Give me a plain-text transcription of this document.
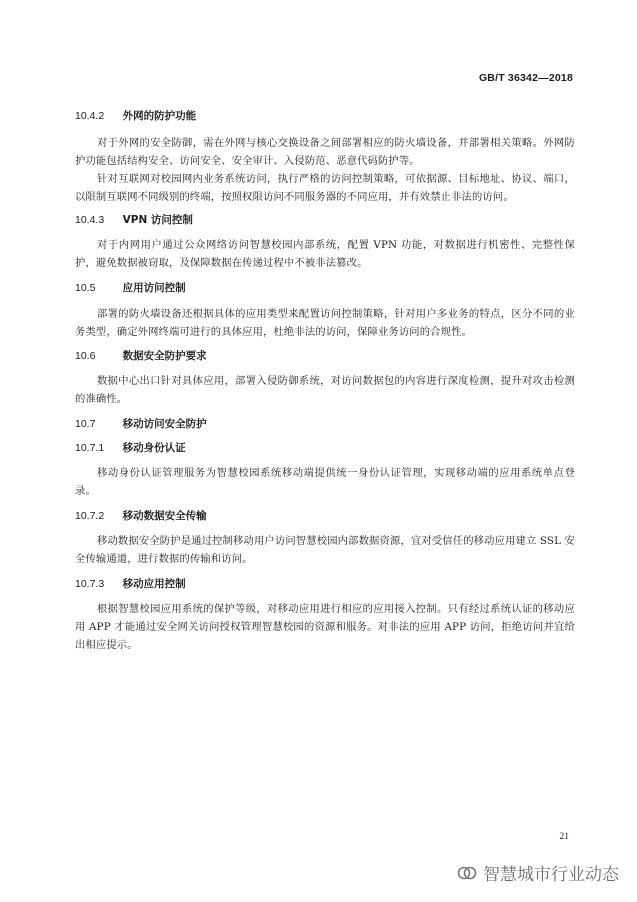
GB/T 36342—2018
10.4.2 外网的防护功能
对于外网的安全防御，需在外网与核心交换设备之间部署相应的防火墙设备，并部署相关策略。外网防护功能包括结构安全、访问安全、安全审计、入侵防范、恶意代码防护等。
针对互联网对校园网内业务系统访问，执行严格的访问控制策略，可依据源、目标地址、协议、端口，以限制互联网不同级别的终端，按照权限访问不同服务器的不同应用，并有效禁止非法的访问。
10.4.3 VPN 访问控制
对于内网用户通过公众网络访问智慧校园内部系统，配置 VPN 功能，对数据进行机密性、完整性保护，避免数据被窃取，及保障数据在传递过程中不被非法篡改。
10.5	应用访问控制
部署的防火墙设备还根据具体的应用类型来配置访问控制策略，针对用户多业务的特点，区分不同的业务类型，确定外网终端可进行的具体应用，杜绝非法的访问，保障业务访问的合规性。
10.6	数据安全防护要求
数据中心出口针对具体应用，部署入侵防御系统，对访问数据包的内容进行深度检测，提升对攻击检测的准确性。
10.7	移动访问安全防护
10.7.1 移动身份认证
移动身份认证管理服务为智慧校园系统移动端提供统一身份认证管理，实现移动端的应用系统单点登录。
10.7.2 移动数据安全传输
移动数据安全防护是通过控制移动用户访问智慧校园内部数据资源，宜对受信任的移动应用建立 SSL 安全传输通道，进行数据的传输和访问。
10.7.3 移动应用控制
根据智慧校园应用系统的保护等级，对移动应用进行相应的应用接入控制。只有经过系统认证的移动应用 APP 才能通过安全网关访问授权管理智慧校园的资源和服务。对非法的应用 APP 访问，拒绝访问并宜给出相应提示。
21
智慧城市行业动态
